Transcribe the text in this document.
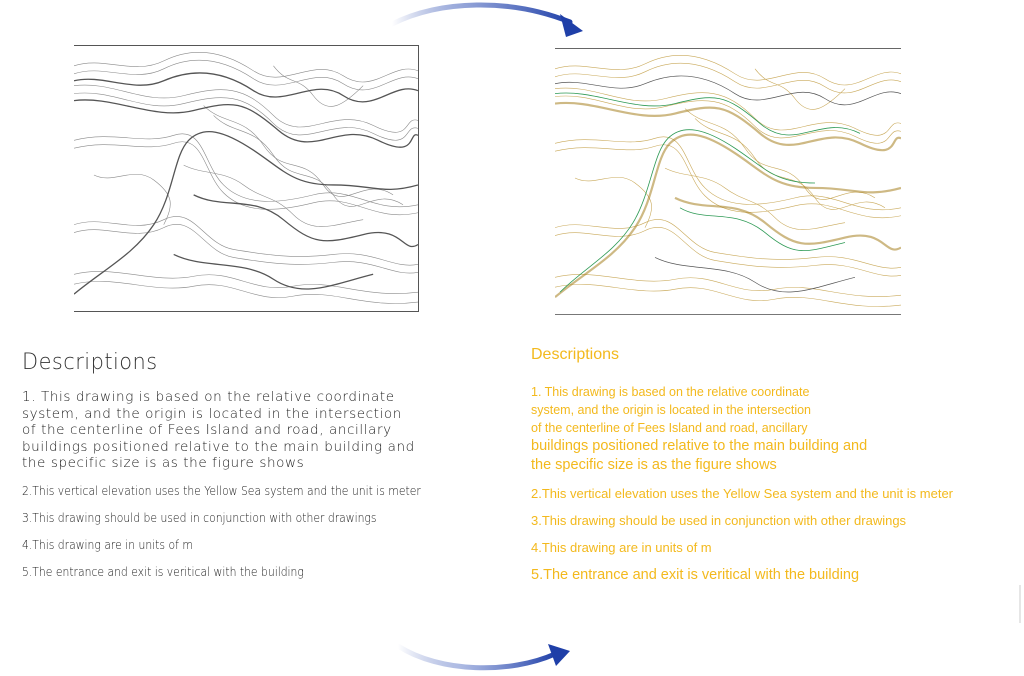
Descriptions
1. This drawing is based on the relative coordinate
system, and the origin is located in the intersection
of the centerline of Fees Island and road, ancillary
buildings positioned relative to the main building and
the specific size is as the figure shows
2.This vertical elevation uses the Yellow Sea system and the unit is meter
3.This drawing should be used in conjunction with other drawings
4.This drawing are in units of m
5.The entrance and exit is veritical with the building
Descriptions
1. This drawing is based on the relative coordinate
system, and the origin is located in the intersection
of the centerline of Fees Island and road, ancillary
buildings positioned relative to the main building and
the specific size is as the figure shows
2.This vertical elevation uses the Yellow Sea system and the unit is meter
3.This drawing should be used in conjunction with other drawings
4.This drawing are in units of m
5.The entrance and exit is veritical with the building
